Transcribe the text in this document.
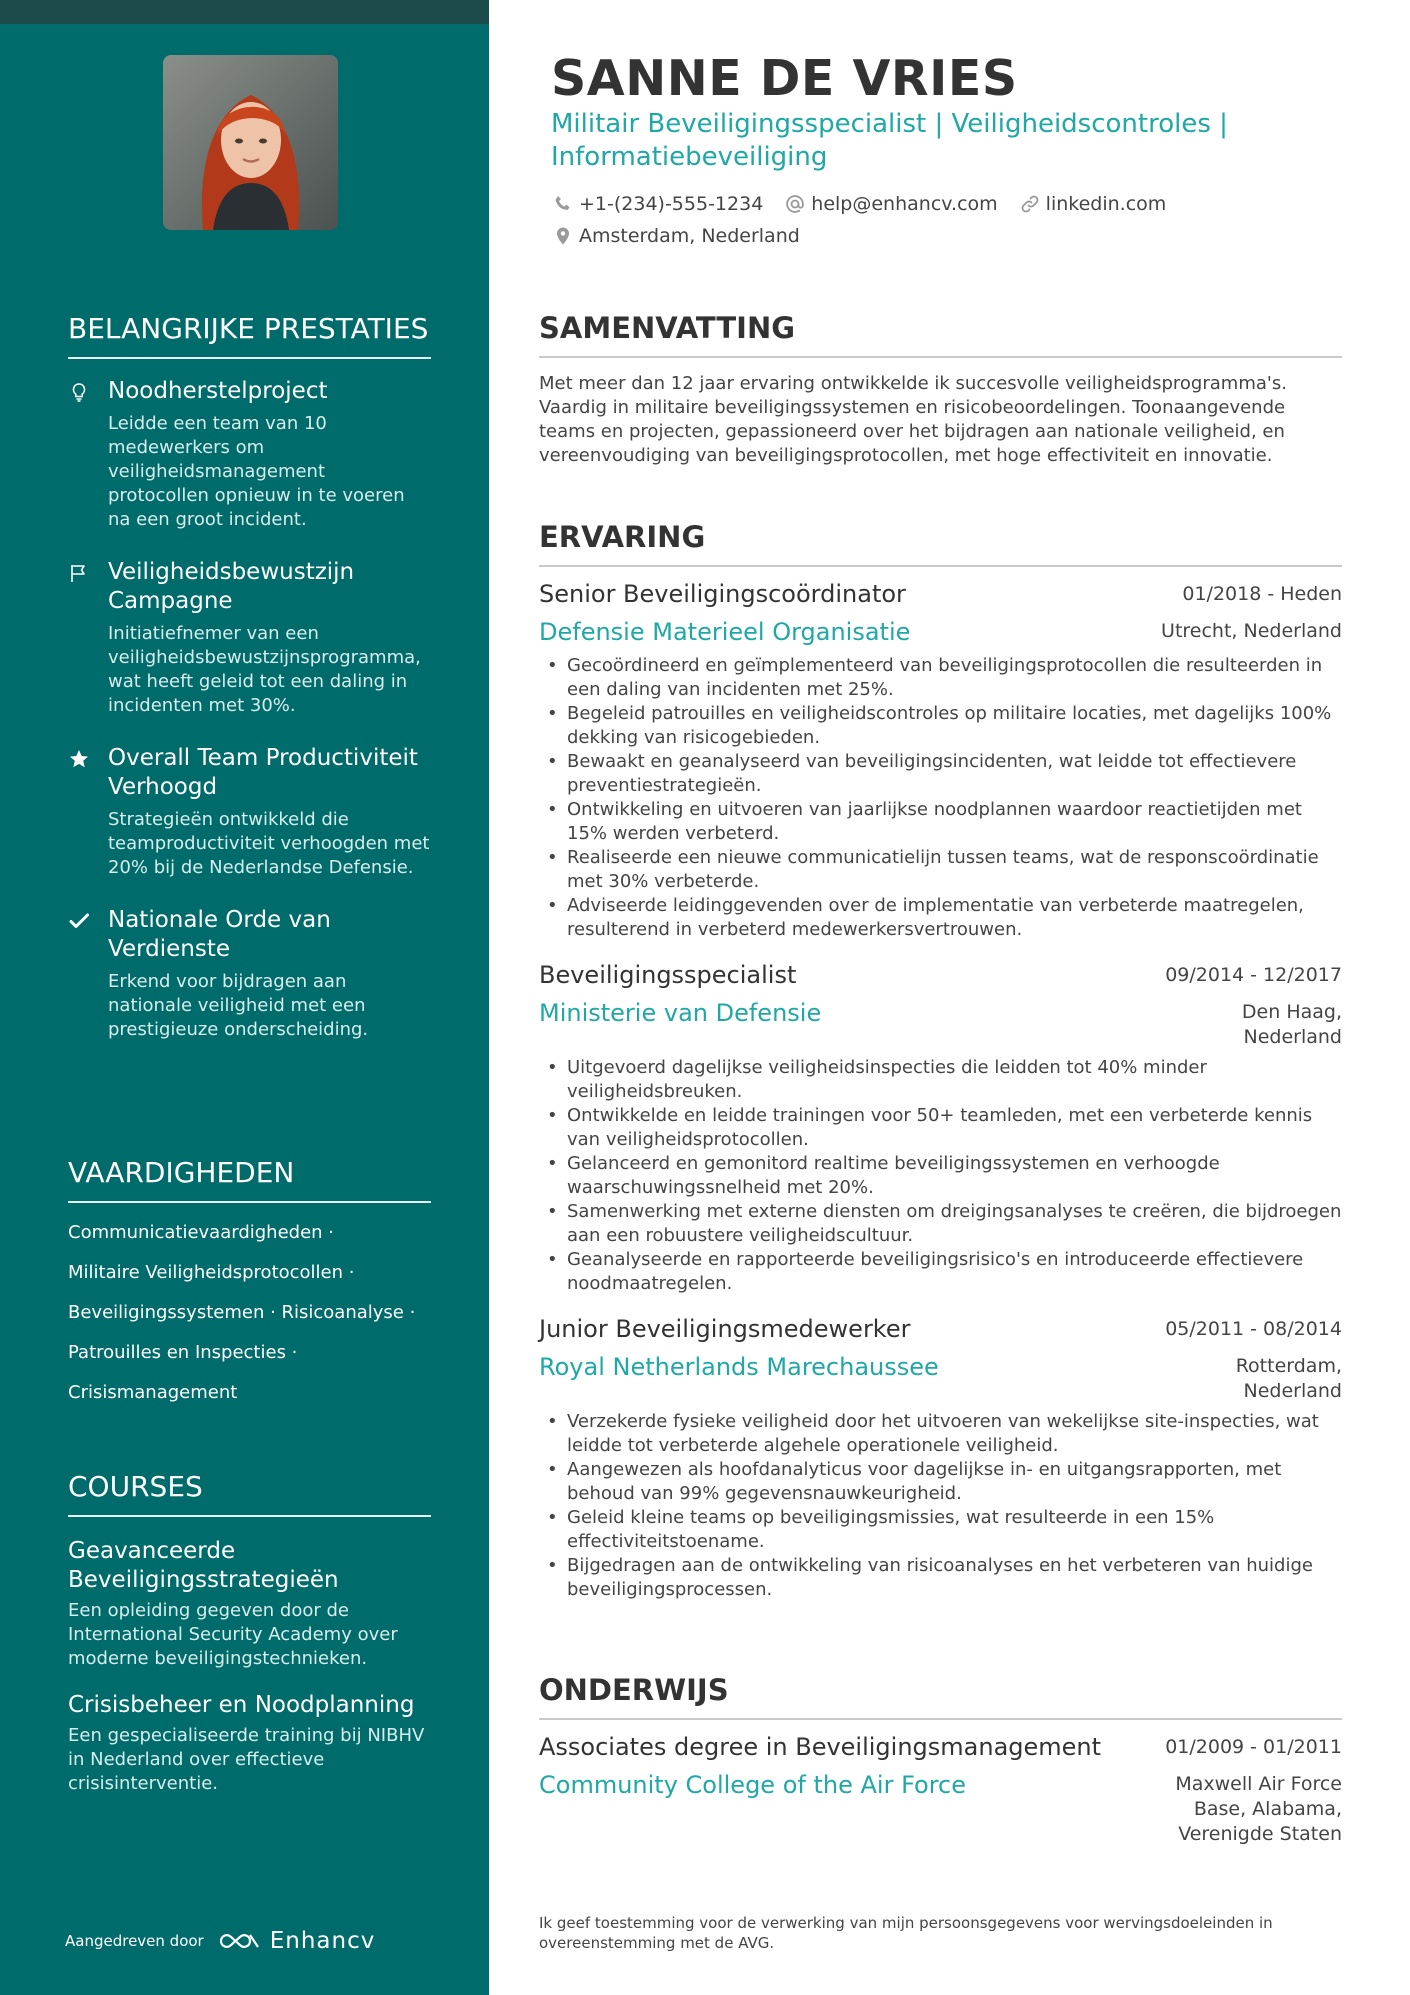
BELANGRIJKE PRESTATIES
Noodherstelproject
Leidde een team van 10 medewerkers om veiligheidsmanagement protocollen opnieuw in te voeren na een groot incident.
Veiligheidsbewustzijn Campagne
Initiatiefnemer van een veiligheidsbewustzijnsprogramma, wat heeft geleid tot een daling in incidenten met 30%.
Overall Team Productiviteit Verhoogd
Strategieën ontwikkeld die teamproductiviteit verhoogden met 20% bij de Nederlandse Defensie.
Nationale Orde van Verdienste
Erkend voor bijdragen aan nationale veiligheid met een prestigieuze onderscheiding.
VAARDIGHEDEN
Communicatievaardigheden ·
Militaire Veiligheidsprotocollen ·
Beveiligingssystemen · Risicoanalyse ·
Patrouilles en Inspecties ·
Crisismanagement
COURSES
Geavanceerde Beveiligingsstrategieën
Een opleiding gegeven door de International Security Academy over moderne beveiligingstechnieken.
Crisisbeheer en Noodplanning
Een gespecialiseerde training bij NIBHV in Nederland over effectieve crisisinterventie.
Aangedreven door	Enhancv
SANNE DE VRIES
Militair Beveiligingsspecialist | Veiligheidscontroles | Informatiebeveiliging
+1-(234)-555-1234	help@enhancv.com	linkedin.com
Amsterdam, Nederland
SAMENVATTING

Met meer dan 12 jaar ervaring ontwikkelde ik succesvolle veiligheidsprogramma's. Vaardig in militaire beveiligingssystemen en risicobeoordelingen. Toonaangevende teams en projecten, gepassioneerd over het bijdragen aan nationale veiligheid, en vereenvoudiging van beveiligingsprotocollen, met hoge effectiviteit en innovatie.

ERVARING
Senior Beveiligingscoördinator	01/2018 - Heden
Defensie Materieel Organisatie	Utrecht, Nederland
• Gecoördineerd en geïmplementeerd van beveiligingsprotocollen die resulteerden in een daling van incidenten met 25%.
• Begeleid patrouilles en veiligheidscontroles op militaire locaties, met dagelijks 100% dekking van risicogebieden.
• Bewaakt en geanalyseerd van beveiligingsincidenten, wat leidde tot effectievere preventiestrategieën.
• Ontwikkeling en uitvoeren van jaarlijkse noodplannen waardoor reactietijden met 15% werden verbeterd.
• Realiseerde een nieuwe communicatielijn tussen teams, wat de responscoördinatie met 30% verbeterde.
• Adviseerde leidinggevenden over de implementatie van verbeterde maatregelen, resulterend in verbeterd medewerkersvertrouwen.
Beveiligingsspecialist	09/2014 - 12/2017
Ministerie van Defensie	Den Haag, Nederland
• Uitgevoerd dagelijkse veiligheidsinspecties die leidden tot 40% minder veiligheidsbreuken.
• Ontwikkelde en leidde trainingen voor 50+ teamleden, met een verbeterde kennis van veiligheidsprotocollen.
• Gelanceerd en gemonitord realtime beveiligingssystemen en verhoogde waarschuwingssnelheid met 20%.
• Samenwerking met externe diensten om dreigingsanalyses te creëren, die bijdroegen aan een robuustere veiligheidscultuur.
• Geanalyseerde en rapporteerde beveiligingsrisico's en introduceerde effectievere noodmaatregelen.
Junior Beveiligingsmedewerker	05/2011 - 08/2014
Royal Netherlands Marechaussee	Rotterdam, Nederland
• Verzekerde fysieke veiligheid door het uitvoeren van wekelijkse site-inspecties, wat leidde tot verbeterde algehele operationele veiligheid.
• Aangewezen als hoofdanalyticus voor dagelijkse in- en uitgangsrapporten, met behoud van 99% gegevensnauwkeurigheid.
• Geleid kleine teams op beveiligingsmissies, wat resulteerde in een 15% effectiviteitstoename.
• Bijgedragen aan de ontwikkeling van risicoanalyses en het verbeteren van huidige beveiligingsprocessen.
ONDERWIJS
Associates degree in Beveiligingsmanagement	01/2009 - 01/2011
Community College of the Air Force	Maxwell Air Force Base, Alabama, Verenigde Staten

Ik geef toestemming voor de verwerking van mijn persoonsgegevens voor wervingsdoeleinden in overeenstemming met de AVG.
